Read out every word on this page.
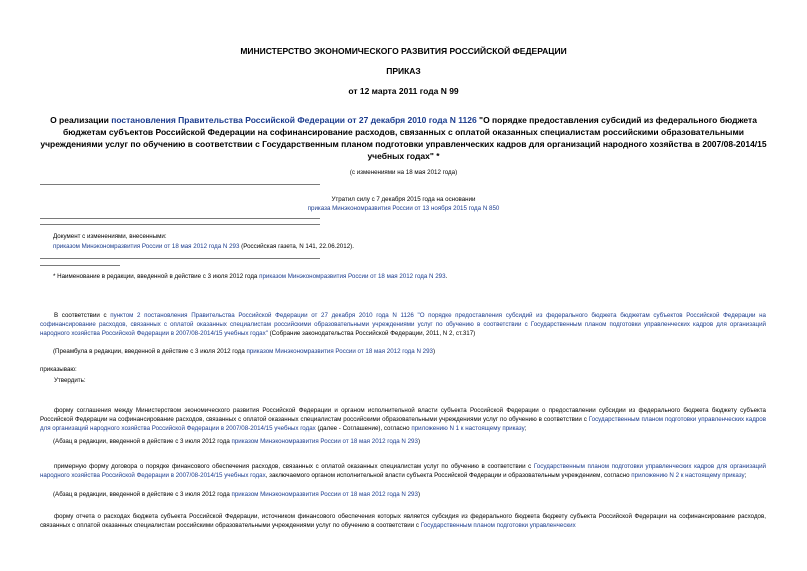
МИНИСТЕРСТВО ЭКОНОМИЧЕСКОГО РАЗВИТИЯ РОССИЙСКОЙ ФЕДЕРАЦИИ
ПРИКАЗ
от 12 марта 2011 года N 99
О реализации постановления Правительства Российской Федерации от 27 декабря 2010 года N 1126 "О порядке предоставления субсидий из федерального бюджета бюджетам субъектов Российской Федерации на софинансирование расходов, связанных с оплатой оказанных специалистам российскими образовательными учреждениями услуг по обучению в соответствии с Государственным планом подготовки управленческих кадров для организаций народного хозяйства в 2007/08-2014/15 учебных годах" *
(с изменениями на 18 мая 2012 года)
Утратил силу с 7 декабря 2015 года на основании
приказа Минэкономразвития России от 13 ноября 2015 года N 850
Документ с изменениями, внесенными:
приказом Минэкономразвития России от 18 мая 2012 года N 293 (Российская газета, N 141, 22.06.2012).
* Наименование в редакции, введенной в действие с 3 июля 2012 года приказом Минэкономразвития России от 18 мая 2012 года N 293.
В соответствии с пунктом 2 постановления Правительства Российской Федерации от 27 декабря 2010 года N 1126 "О порядке предоставления субсидий из федерального бюджета бюджетам субъектов Российской Федерации на софинансирование расходов, связанных с оплатой оказанных специалистам российскими образовательными учреждениями услуг по обучению в соответствии с Государственным планом подготовки управленческих кадров для организаций народного хозяйства Российской Федерации в 2007/08-2014/15 учебных годах" (Собрание законодательства Российской Федерации, 2011, N 2, ст.317)
(Преамбула в редакции, введенной в действие с 3 июля 2012 года приказом Минэкономразвития России от 18 мая 2012 года N 293)
приказываю:
Утвердить:
форму соглашения между Министерством экономического развития Российской Федерации и органом исполнительной власти субъекта Российской Федерации о предоставлении субсидии из федерального бюджета бюджету субъекта Российской Федерации на софинансирование расходов, связанных с оплатой оказанных специалистам российскими образовательными учреждениями услуг по обучению в соответствии с Государственным планом подготовки управленческих кадров для организаций народного хозяйства Российской Федерации в 2007/08-2014/15 учебных годах (далее - Соглашение), согласно приложению N 1 к настоящему приказу;
(Абзац в редакции, введенной в действие с 3 июля 2012 года приказом Минэкономразвития России от 18 мая 2012 года N 293)
примерную форму договора о порядке финансового обеспечения расходов, связанных с оплатой оказанных специалистам услуг по обучению в соответствии с Государственным планом подготовки управленческих кадров для организаций народного хозяйства Российской Федерации в 2007/08-2014/15 учебных годах, заключаемого органом исполнительной власти субъекта Российской Федерации и образовательным учреждением, согласно приложению N 2 к настоящему приказу;
(Абзац в редакции, введенной в действие с 3 июля 2012 года приказом Минэкономразвития России от 18 мая 2012 года N 293)
форму отчета о расходах бюджета субъекта Российской Федерации, источником финансового обеспечения которых является субсидия из федерального бюджета бюджету субъекта Российской Федерации на софинансирование расходов, связанных с оплатой оказанных специалистам российскими образовательными учреждениями услуг по обучению в соответствии с Государственным планом подготовки управленческих
